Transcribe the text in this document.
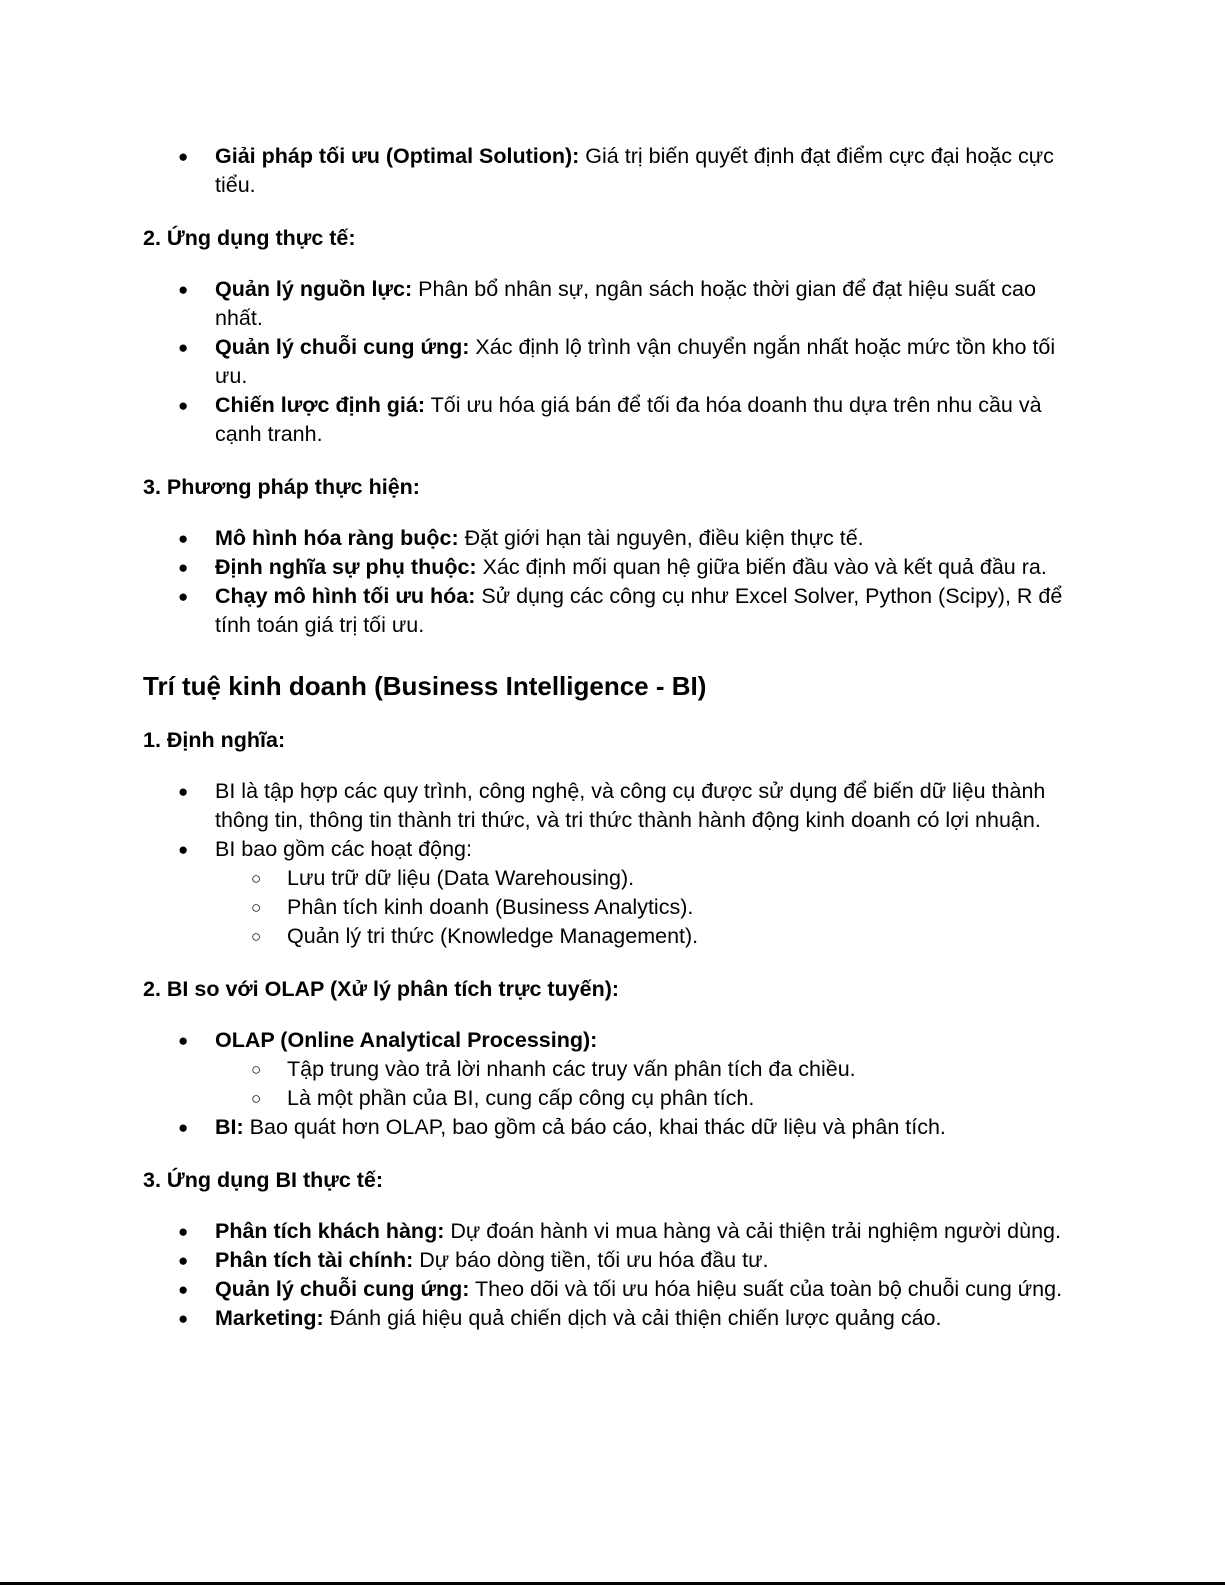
● Giải pháp tối ưu (Optimal Solution): Giá trị biến quyết định đạt điểm cực đại hoặc cực tiểu.
2. Ứng dụng thực tế:
● Quản lý nguồn lực: Phân bổ nhân sự, ngân sách hoặc thời gian để đạt hiệu suất cao nhất.
● Quản lý chuỗi cung ứng: Xác định lộ trình vận chuyển ngắn nhất hoặc mức tồn kho tối ưu.
● Chiến lược định giá: Tối ưu hóa giá bán để tối đa hóa doanh thu dựa trên nhu cầu và cạnh tranh.
3. Phương pháp thực hiện:
● Mô hình hóa ràng buộc: Đặt giới hạn tài nguyên, điều kiện thực tế.
● Định nghĩa sự phụ thuộc: Xác định mối quan hệ giữa biến đầu vào và kết quả đầu ra.
● Chạy mô hình tối ưu hóa: Sử dụng các công cụ như Excel Solver, Python (Scipy), R để tính toán giá trị tối ưu.
Trí tuệ kinh doanh (Business Intelligence - BI)
1. Định nghĩa:
● BI là tập hợp các quy trình, công nghệ, và công cụ được sử dụng để biến dữ liệu thành thông tin, thông tin thành tri thức, và tri thức thành hành động kinh doanh có lợi nhuận.
● BI bao gồm các hoạt động:
○ Lưu trữ dữ liệu (Data Warehousing).
○ Phân tích kinh doanh (Business Analytics).
○ Quản lý tri thức (Knowledge Management).
2. BI so với OLAP (Xử lý phân tích trực tuyến):
● OLAP (Online Analytical Processing):
○ Tập trung vào trả lời nhanh các truy vấn phân tích đa chiều.
○ Là một phần của BI, cung cấp công cụ phân tích.
● BI: Bao quát hơn OLAP, bao gồm cả báo cáo, khai thác dữ liệu và phân tích.
3. Ứng dụng BI thực tế:
● Phân tích khách hàng: Dự đoán hành vi mua hàng và cải thiện trải nghiệm người dùng.
● Phân tích tài chính: Dự báo dòng tiền, tối ưu hóa đầu tư.
● Quản lý chuỗi cung ứng: Theo dõi và tối ưu hóa hiệu suất của toàn bộ chuỗi cung ứng.
● Marketing: Đánh giá hiệu quả chiến dịch và cải thiện chiến lược quảng cáo.
